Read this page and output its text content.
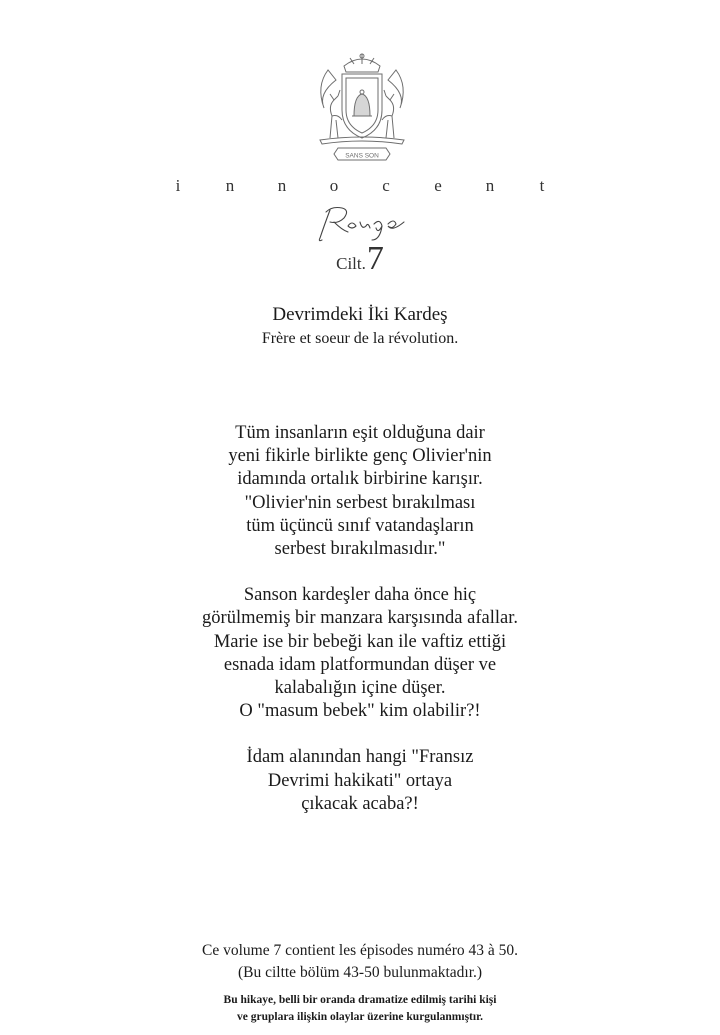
SANS SON
i	n	n	o	c	e	n	t
Cilt.7
Devrimdeki İki Kardeş
Frère et soeur de la révolution.

Tüm insanların eşit olduğuna dair
yeni fikirle birlikte genç Olivier'nin
idamında ortalık birbirine karışır.
"Olivier'nin serbest bırakılması
tüm üçüncü sınıf vatandaşların
serbest bırakılmasıdır."

Sanson kardeşler daha önce hiç
görülmemiş bir manzara karşısında afallar.
Marie ise bir bebeği kan ile vaftiz ettiği
esnada idam platformundan düşer ve
kalabalığın içine düşer.
O "masum bebek" kim olabilir?!

İdam alanından hangi "Fransız
Devrimi hakikati" ortaya
çıkacak acaba?!

Ce volume 7 contient les épisodes numéro 43 à 50.
(Bu ciltte bölüm 43-50 bulunmaktadır.)
Bu hikaye, belli bir oranda dramatize edilmiş tarihi kişi
ve gruplara ilişkin olaylar üzerine kurgulanmıştır.
